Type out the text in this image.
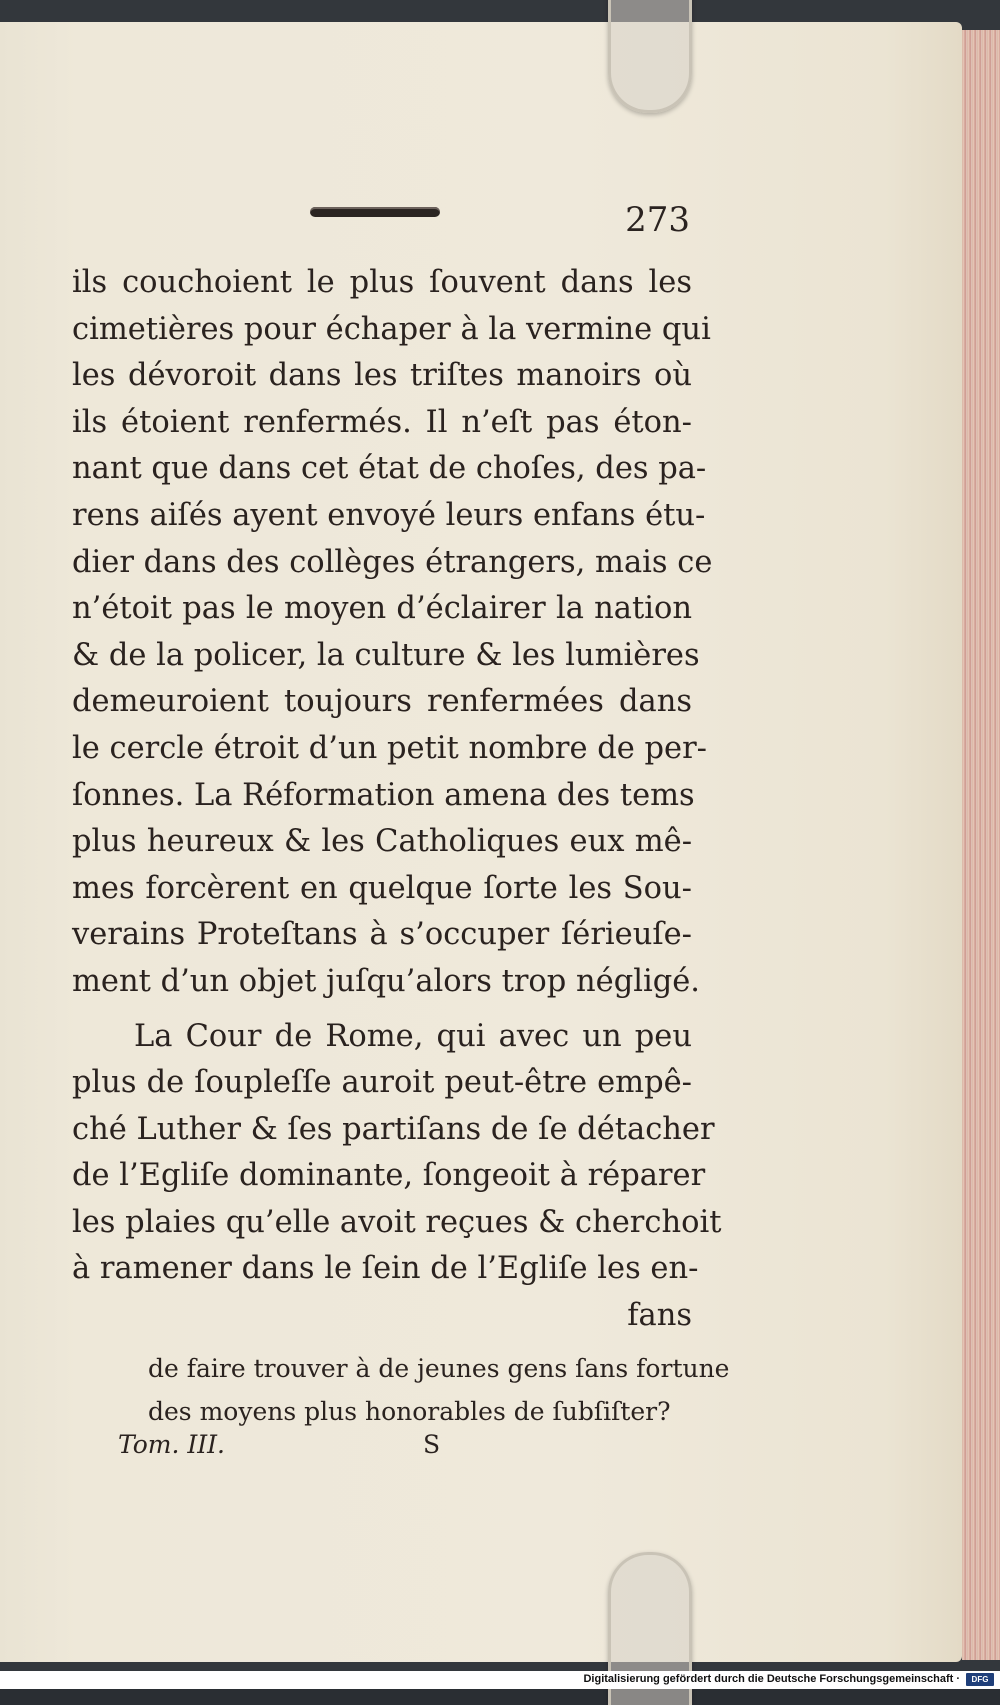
273
ils couchoient le plus ſouvent dans les
cimetières pour échaper à la vermine qui
les dévoroit dans les triſtes manoirs où
ils étoient renfermés. Il n’eſt pas éton-
nant que dans cet état de choſes, des pa-
rens aiſés ayent envoyé leurs enfans étu-
dier dans des collèges étrangers, mais ce
n’étoit pas le moyen d’éclairer la nation
& de la policer, la culture & les lumières
demeuroient toujours renfermées dans
le cercle étroit d’un petit nombre de per-
ſonnes. La Réformation amena des tems
plus heureux & les Catholiques eux mê-
mes forcèrent en quelque ſorte les Sou-
verains Proteſtans à s’occuper ſérieuſe-
ment d’un objet juſqu’alors trop négligé.
La Cour de Rome, qui avec un peu
plus de ſoupleſſe auroit peut-être empê-
ché Luther & ſes partiſans de ſe détacher
de l’Egliſe dominante, ſongeoit à réparer
les plaies qu’elle avoit reçues & cherchoit
à ramener dans le ſein de l’Egliſe les en-
fans
de faire trouver à de jeunes gens ſans fortune
des moyens plus honorables de ſubſiſter?
Tom. III.	S
Digitalisierung gefördert durch die Deutsche Forschungsgemeinschaft ·	DFG
